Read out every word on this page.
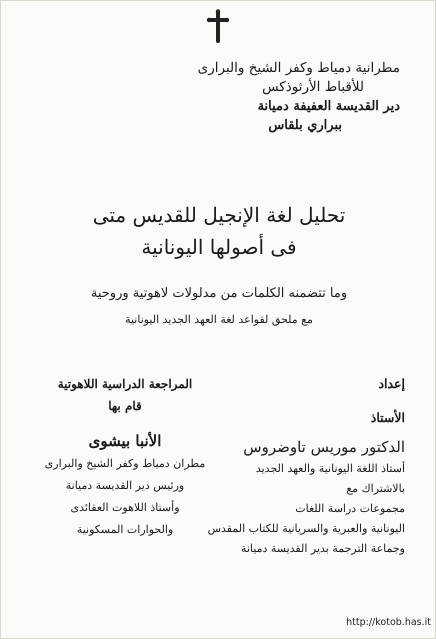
مطرانية دمياط وكفر الشيخ والبرارى
للأقباط الأرثوذكس
دير القديسة العفيفة دميانة
ببراري بلقاس
تحليل لغة الإنجيل للقديس متى
فى أصولها اليونانية
وما تتضمنه الكلمات من مدلولات لاهوتية وروحية
مع ملحق لقواعد لغة العهد الجديد اليونانية
إعداد
الأستاذ
الدكتور موريس تاوضروس
أستاذ اللغة اليونانية والعهد الجديد
بالاشتراك مع
مجموعات دراسة اللغات
اليونانية والعبرية والسريانية للكتاب المقدس
وجماعة الترجمة بدير القديسة دميانة
المراجعة الدراسية اللاهوتية
قام بها
الأنبا بيشوى
مطران دمياط وكفر الشيخ والبرارى
ورئيس دير القديسة دميانة
وأستاذ اللاهوت العقائدى
والحوارات المسكونية
http://kotob.has.it
